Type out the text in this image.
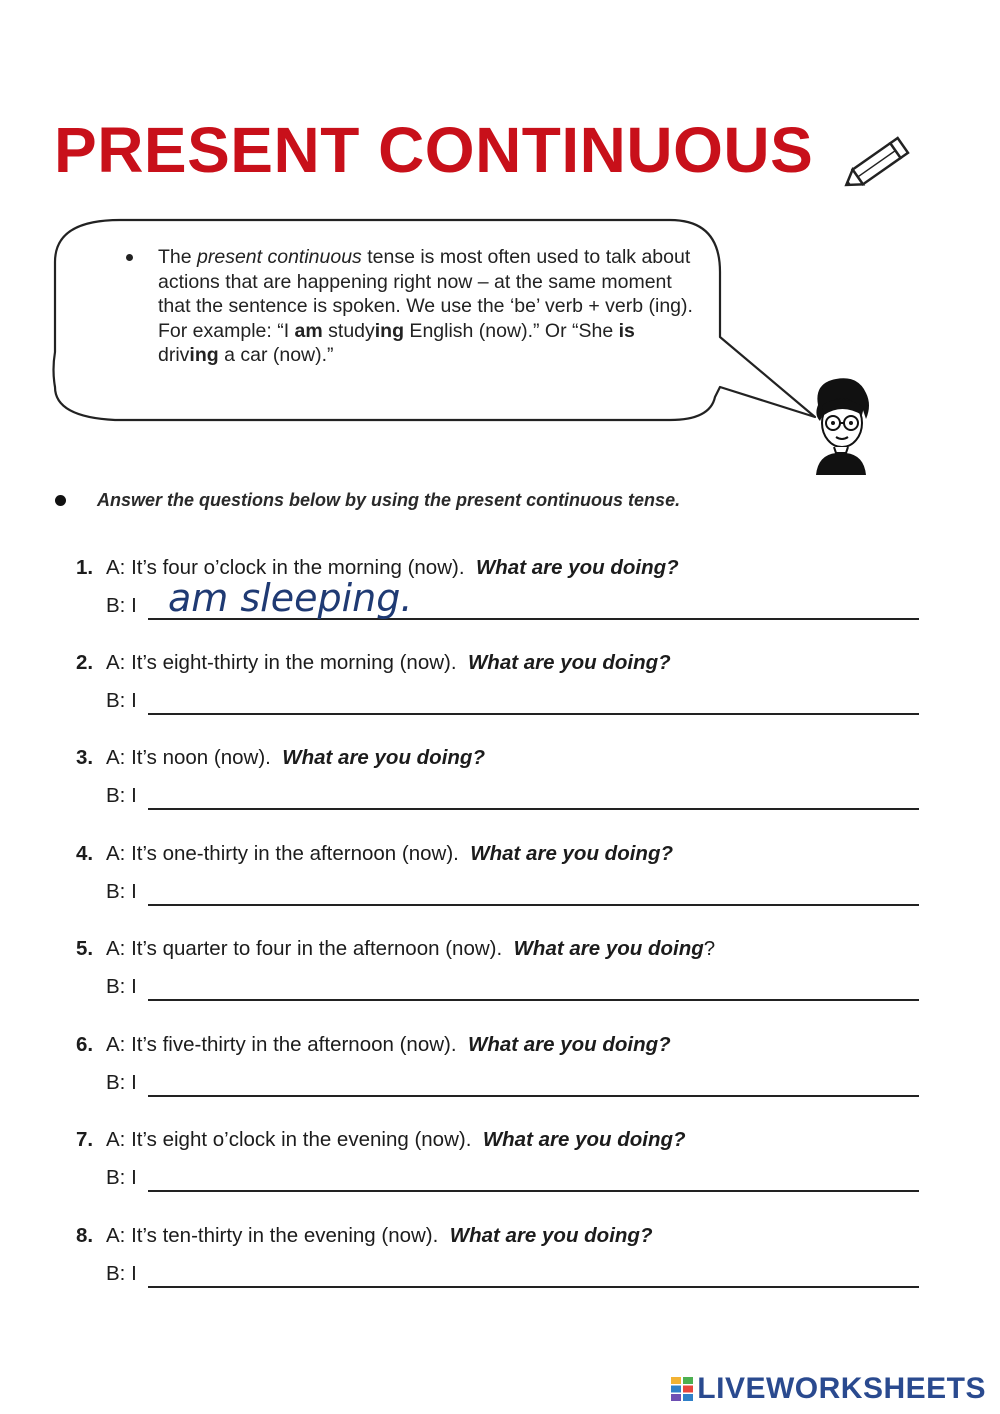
PRESENT CONTINUOUS
The present continuous tense is most often used to talk about actions that are happening right now – at the same moment that the sentence is spoken. We use the ‘be’ verb + verb (ing). For example: “I am studying English (now).” Or “She is driving a car (now).”
Answer the questions below by using the present continuous tense.
1. A: It’s four o’clock in the morning (now). What are you doing?
B: I am sleeping.
2. A: It’s eight-thirty in the morning (now). What are you doing?
B: I
3. A: It’s noon (now). What are you doing?
B: I
4. A: It’s one-thirty in the afternoon (now). What are you doing?
B: I
5. A: It’s quarter to four in the afternoon (now). What are you doing?
B: I
6. A: It’s five-thirty in the afternoon (now). What are you doing?
B: I
7. A: It’s eight o’clock in the evening (now). What are you doing?
B: I
8. A: It’s ten-thirty in the evening (now). What are you doing?
B: I
LIVEWORKSHEETS
